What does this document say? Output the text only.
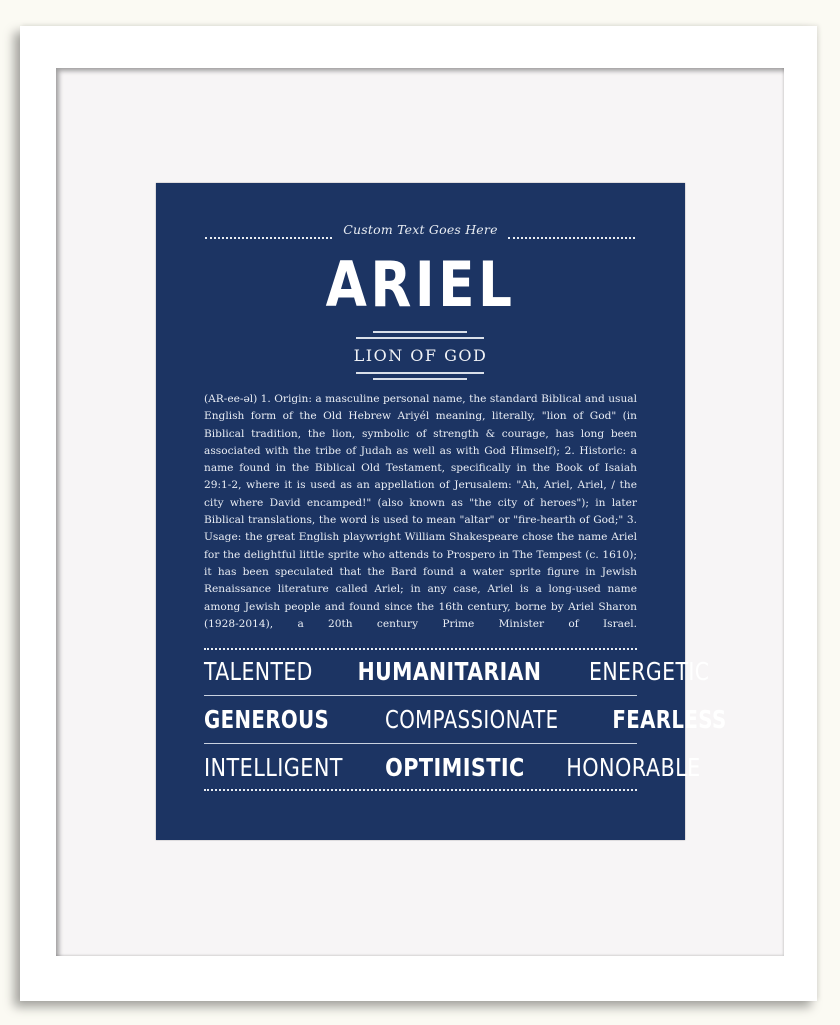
Custom Text Goes Here
ARIEL
LION OF GOD

(AR-ee-əl) 1. Origin: a masculine personal name, the standard Biblical and usual English form of the Old Hebrew Ariyél meaning, literally, "lion of God" (in Biblical tradition, the lion, symbolic of strength & courage, has long been associated with the tribe of Judah as well as with God Himself); 2. Historic: a name found in the Biblical Old Testament, specifically in the Book of Isaiah 29:1-2, where it is used as an appellation of Jerusalem: "Ah, Ariel, Ariel, / the city where David encamped!" (also known as "the city of heroes"); in later Biblical translations, the word is used to mean "altar" or "fire-hearth of God;" 3. Usage: the great English playwright William Shakespeare chose the name Ariel for the delightful little sprite who attends to Prospero in The Tempest (c. 1610); it has been speculated that the Bard found a water sprite figure in Jewish Renaissance literature called Ariel; in any case, Ariel is a long-used name among Jewish people and found since the 16th century, borne by Ariel Sharon (1928-2014), a 20th century Prime Minister of Israel.

TALENTED HUMANITARIAN ENERGETIC
GENEROUS COMPASSIONATE FEARLESS
INTELLIGENT OPTIMISTIC HONORABLE
